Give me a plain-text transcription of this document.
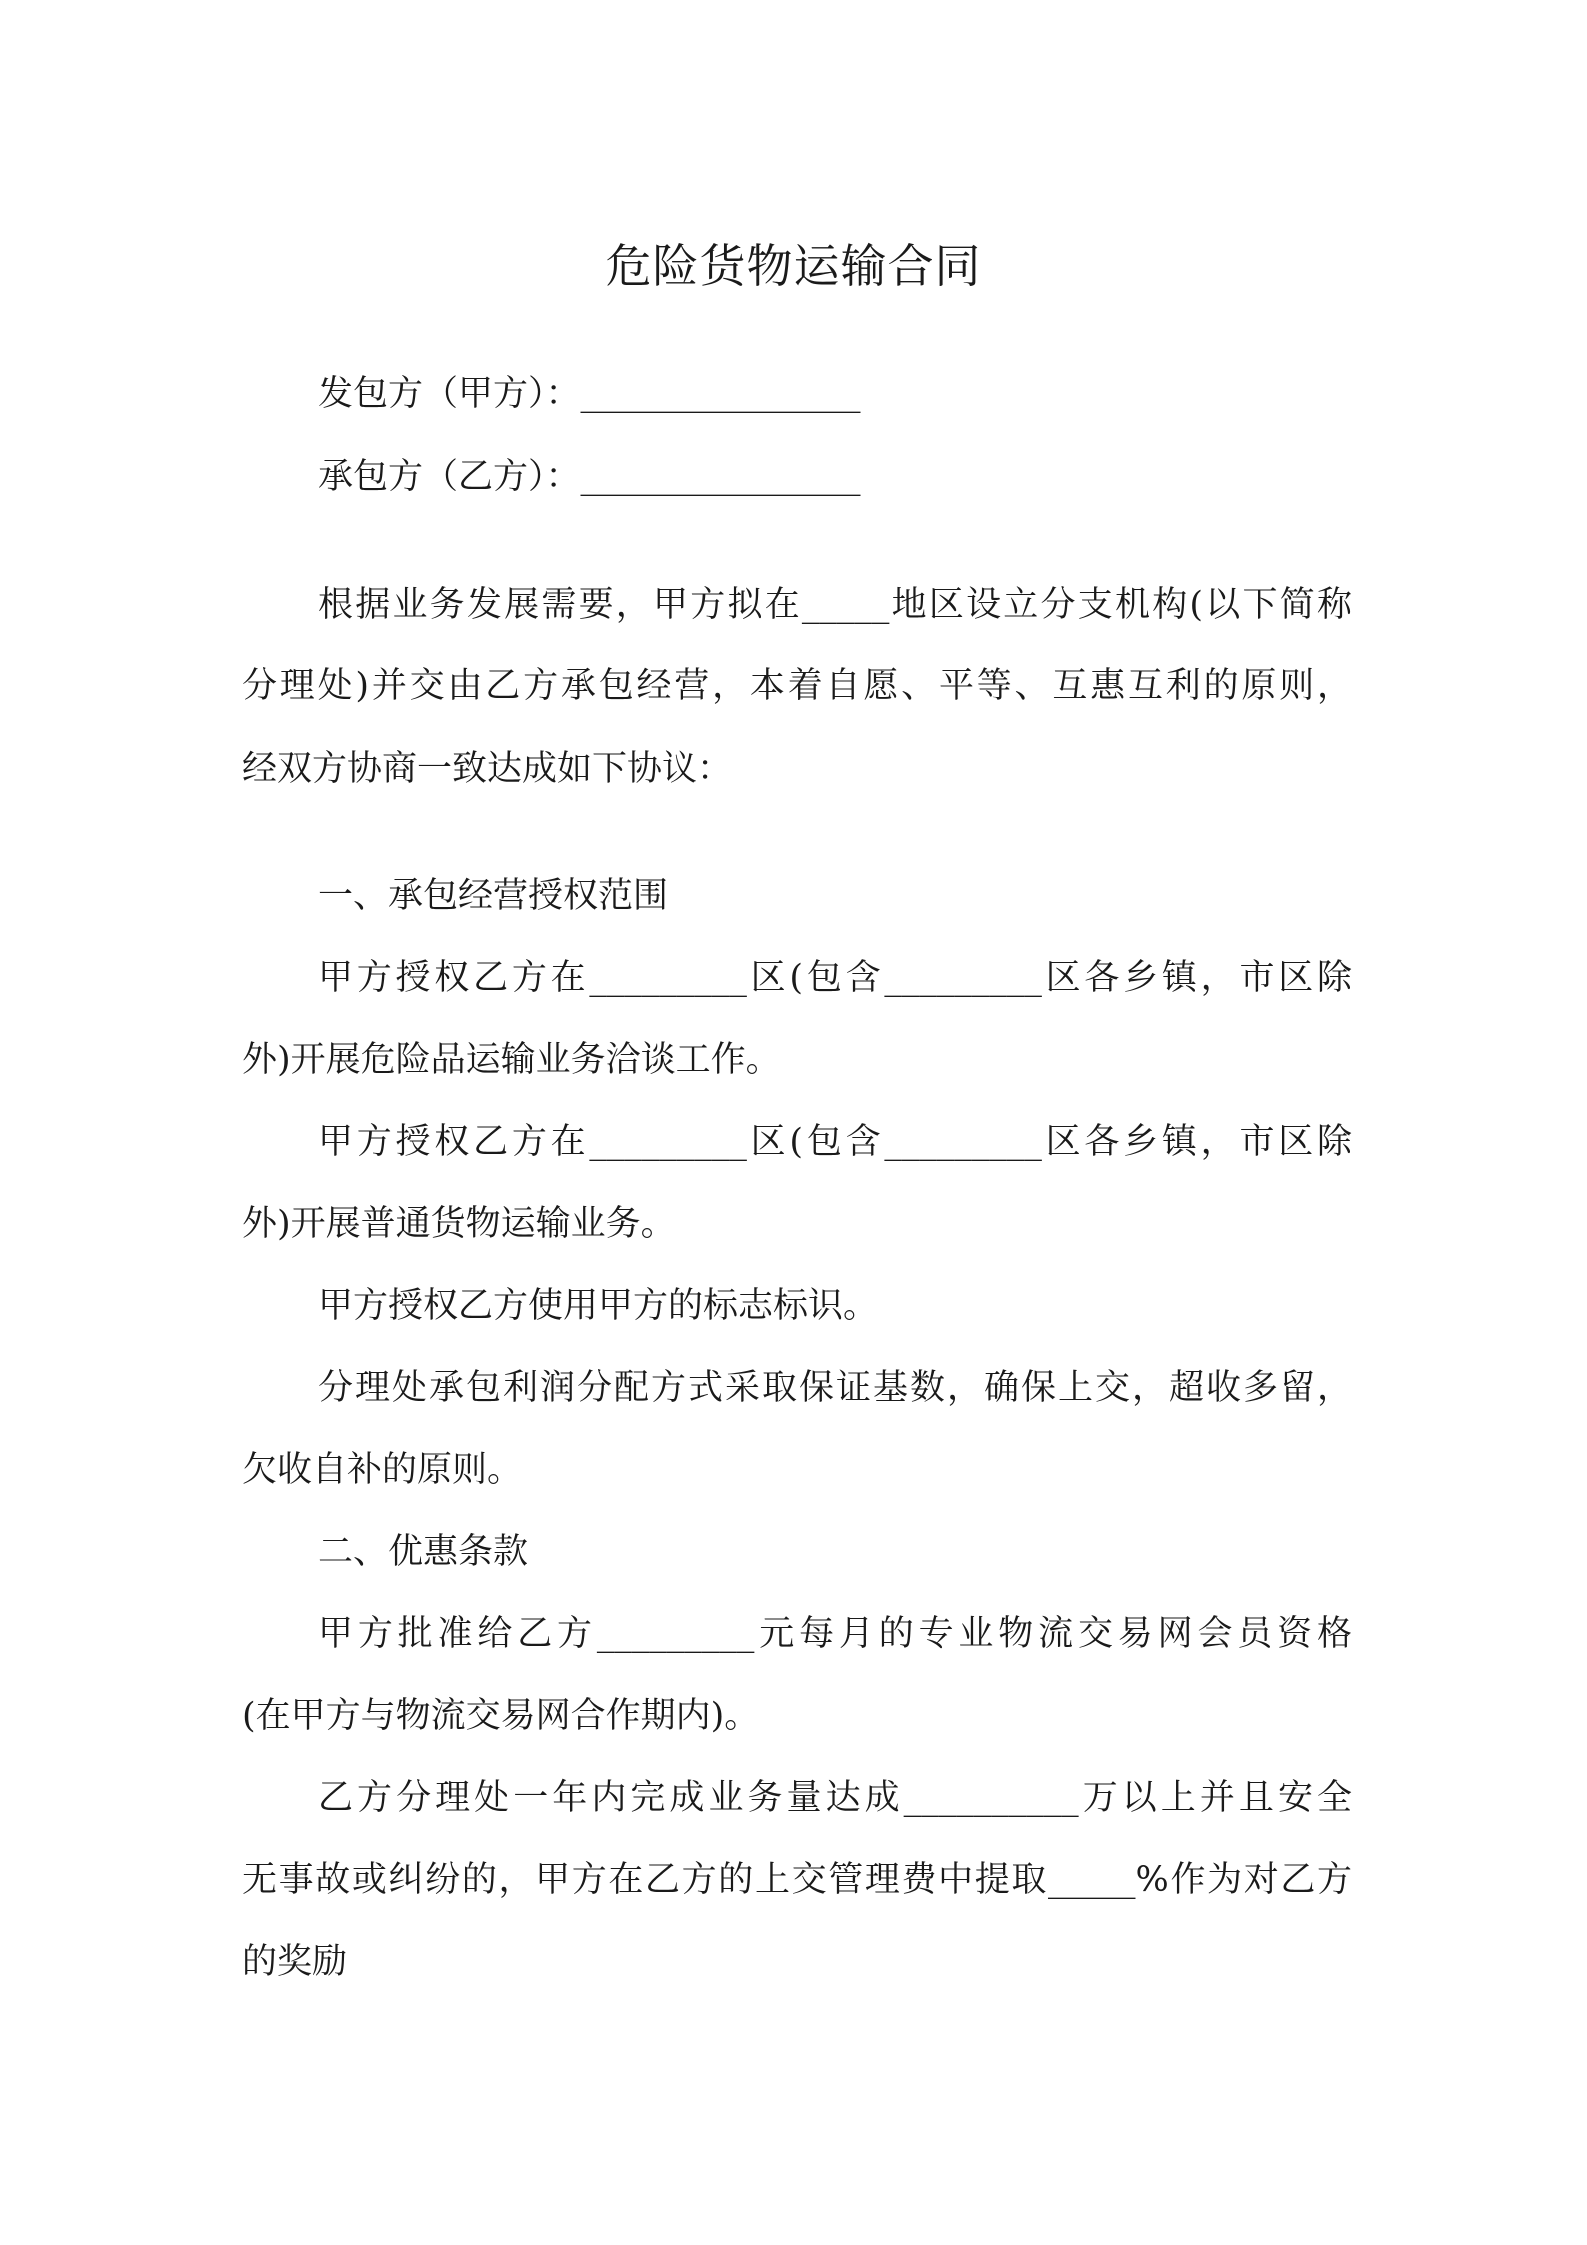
危险货物运输合同
发包方（甲方）：________________
承包方（乙方）：________________
根据业务发展需要，甲方拟在_____地区设立分支机构(以下简称
分理处)并交由乙方承包经营，本着自愿、平等、互惠互利的原则，
经双方协商一致达成如下协议：
一、承包经营授权范围
甲方授权乙方在_________区(包含_________区各乡镇，市区除
外)开展危险品运输业务洽谈工作。
甲方授权乙方在_________区(包含_________区各乡镇，市区除
外)开展普通货物运输业务。
甲方授权乙方使用甲方的标志标识。
分理处承包利润分配方式采取保证基数，确保上交，超收多留，
欠收自补的原则。
二、优惠条款
甲方批准给乙方_________元每月的专业物流交易网会员资格
(在甲方与物流交易网合作期内)。
乙方分理处一年内完成业务量达成__________万以上并且安全
无事故或纠纷的，甲方在乙方的上交管理费中提取_____%作为对乙方
的奖励
